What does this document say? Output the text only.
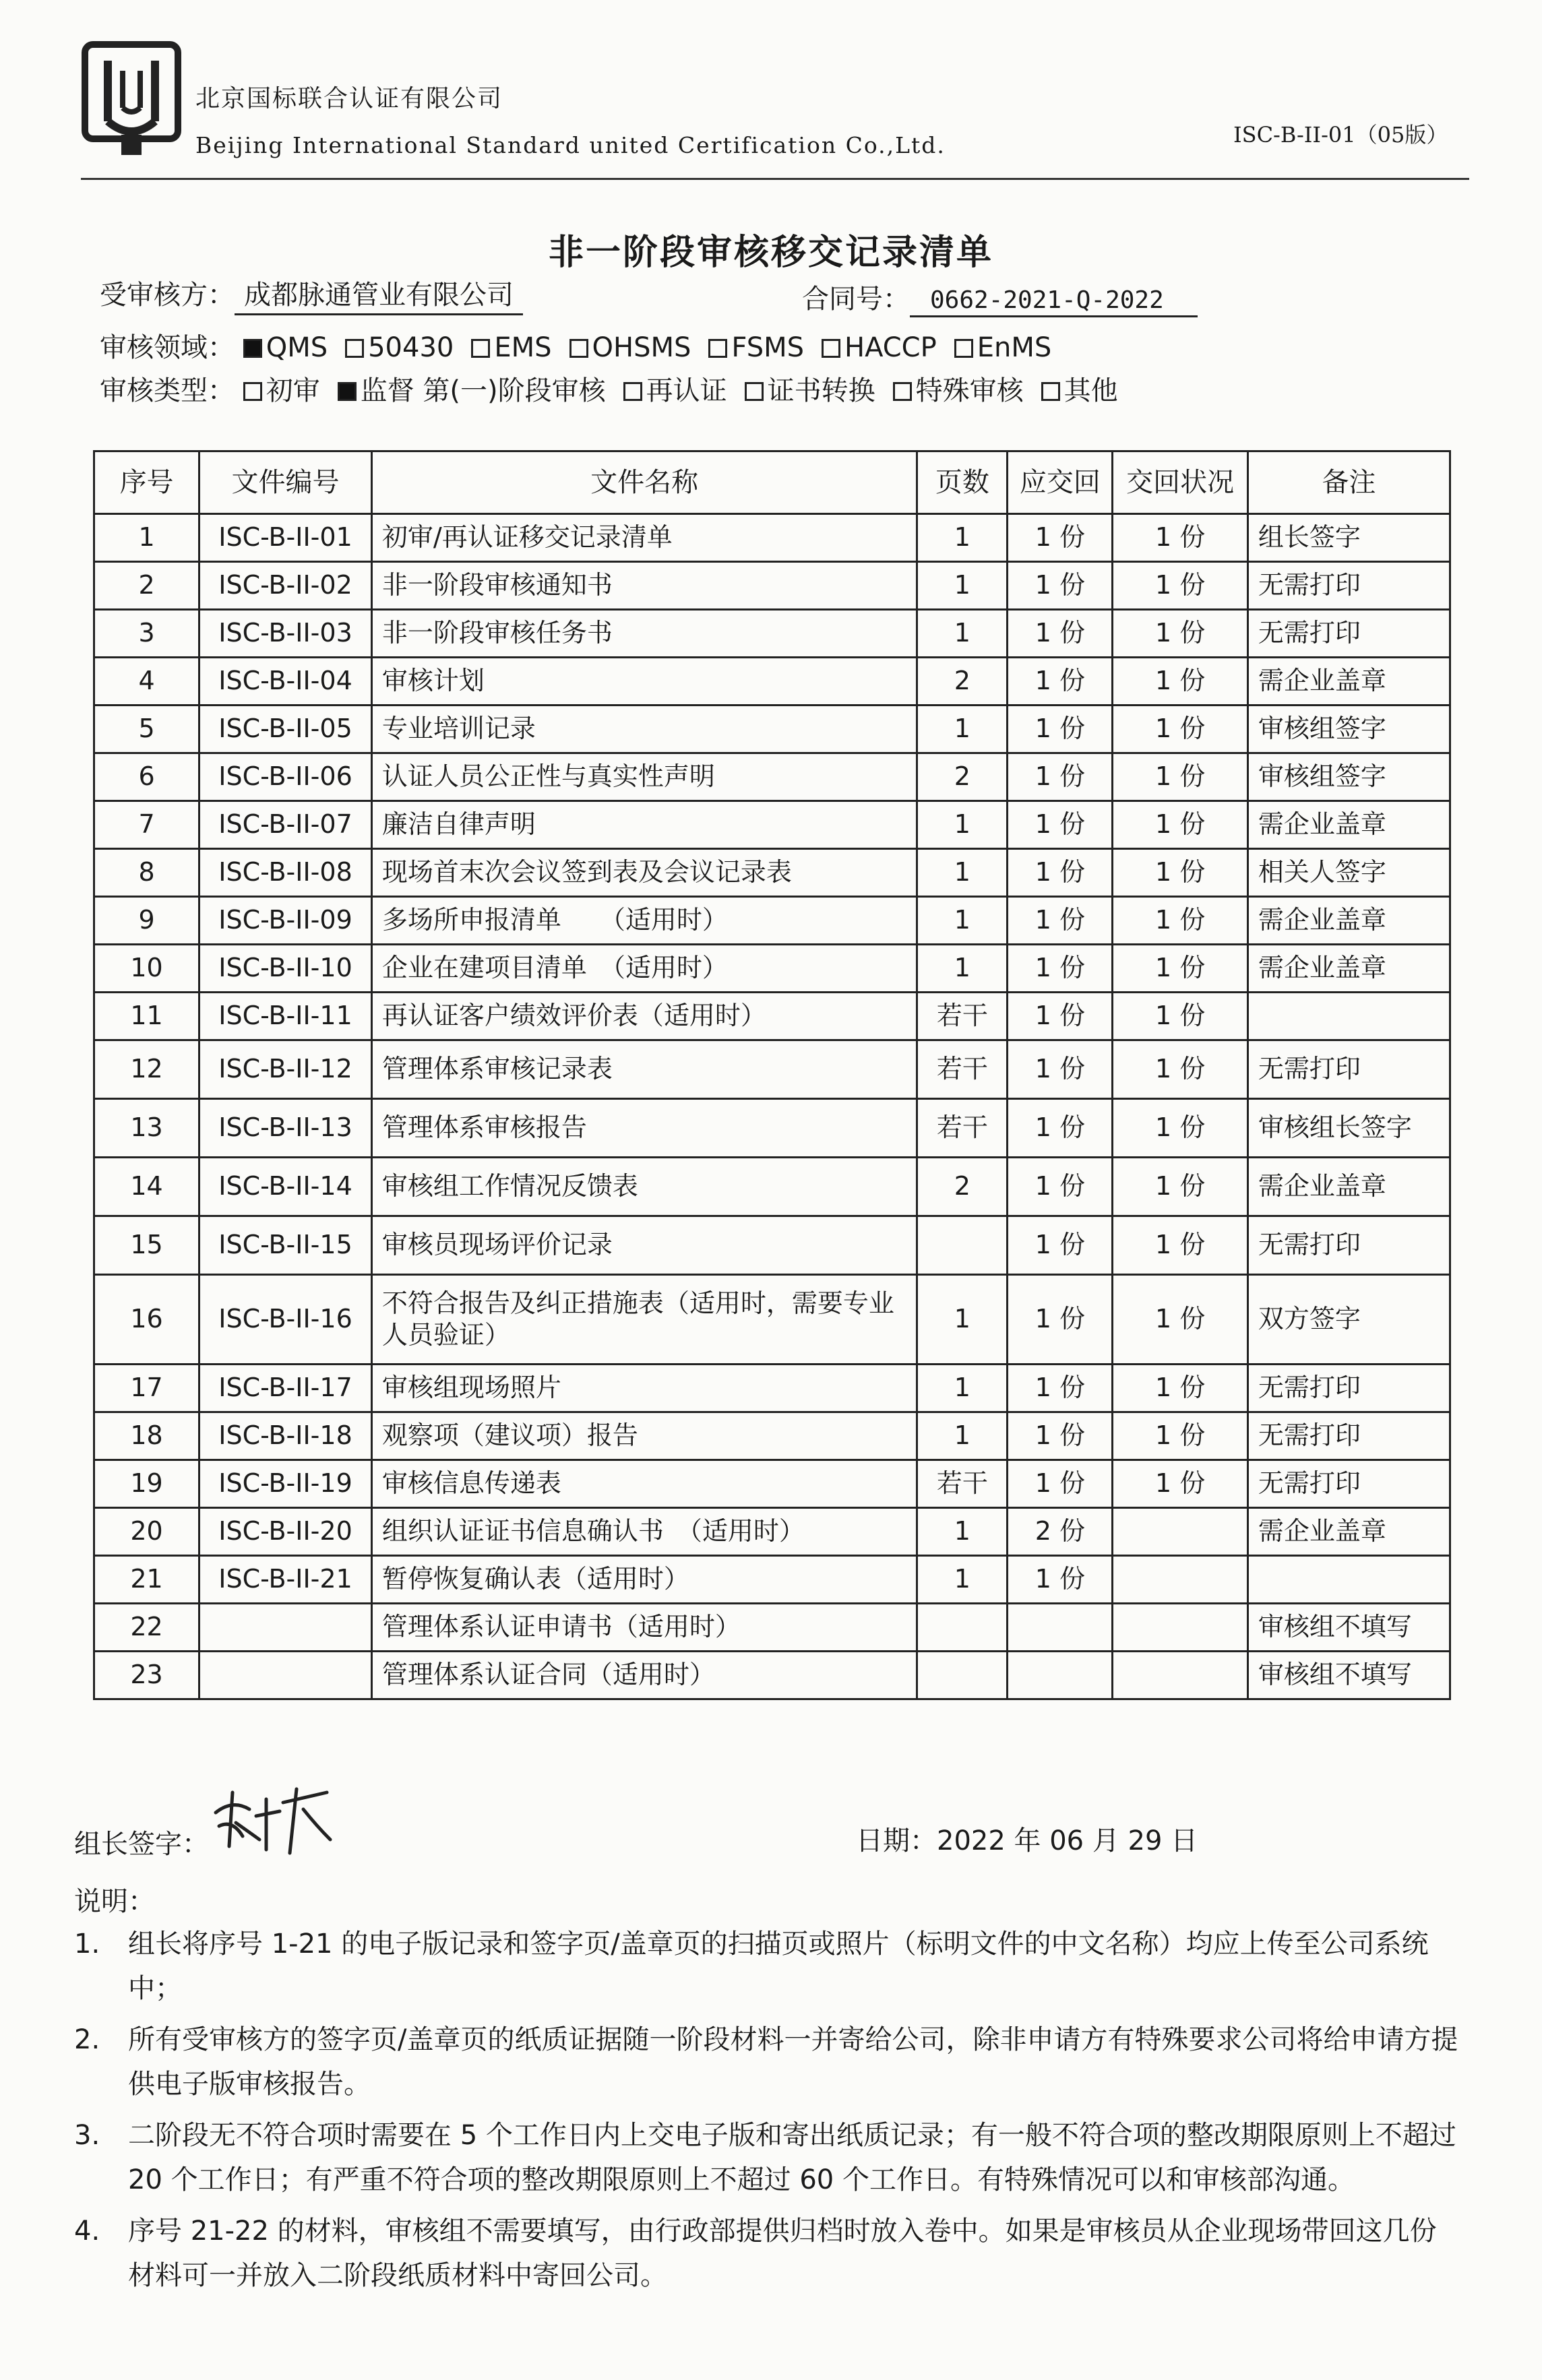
北京国标联合认证有限公司
Beijing International Standard united Certification Co.,Ltd.	ISC-B-II-01（05版）
非一阶段审核移交记录清单
受审核方： 成都脉通管业有限公司	合同号： 0662-2021-Q-2022
审核领域： QMS 50430 EMS OHSMS FSMS HACCP EnMS
审核类型： 初审 监督 第(一)阶段审核 再认证 证书转换 特殊审核 其他
序号	文件编号	文件名称	页数	应交回	交回状况	备注
1	ISC-B-II-01	初审/再认证移交记录清单	1	1 份	1 份	组长签字
2	ISC-B-II-02	非一阶段审核通知书	1	1 份	1 份	无需打印
3	ISC-B-II-03	非一阶段审核任务书	1	1 份	1 份	无需打印
4	ISC-B-II-04	审核计划	2	1 份	1 份	需企业盖章
5	ISC-B-II-05	专业培训记录	1	1 份	1 份	审核组签字
6	ISC-B-II-06	认证人员公正性与真实性声明	2	1 份	1 份	审核组签字
7	ISC-B-II-07	廉洁自律声明	1	1 份	1 份	需企业盖章
8	ISC-B-II-08	现场首末次会议签到表及会议记录表	1	1 份	1 份	相关人签字
9	ISC-B-II-09	多场所申报清单　　（适用时）	1	1 份	1 份	需企业盖章
10	ISC-B-II-10	企业在建项目清单　（适用时）	1	1 份	1 份	需企业盖章
11	ISC-B-II-11	再认证客户绩效评价表（适用时）	若干	1 份	1 份	
12	ISC-B-II-12	管理体系审核记录表	若干	1 份	1 份	无需打印
13	ISC-B-II-13	管理体系审核报告	若干	1 份	1 份	审核组长签字
14	ISC-B-II-14	审核组工作情况反馈表	2	1 份	1 份	需企业盖章
15	ISC-B-II-15	审核员现场评价记录		1 份	1 份	无需打印
16	ISC-B-II-16	不符合报告及纠正措施表（适用时，需要专业人员验证）	1	1 份	1 份	双方签字
17	ISC-B-II-17	审核组现场照片	1	1 份	1 份	无需打印
18	ISC-B-II-18	观察项（建议项）报告	1	1 份	1 份	无需打印
19	ISC-B-II-19	审核信息传递表	若干	1 份	1 份	无需打印
20	ISC-B-II-20	组织认证证书信息确认书　（适用时）	1	2 份		需企业盖章
21	ISC-B-II-21	暂停恢复确认表（适用时）	1	1 份		
22		管理体系认证申请书（适用时）				审核组不填写
23		管理体系认证合同（适用时）				审核组不填写
组长签字：	日期：2022 年 06 月 29 日
说明：
1.	组长将序号 1-21 的电子版记录和签字页/盖章页的扫描页或照片（标明文件的中文名称）均应上传至公司系统中；
2.	所有受审核方的签字页/盖章页的纸质证据随一阶段材料一并寄给公司，除非申请方有特殊要求公司将给申请方提供电子版审核报告。
3.	二阶段无不符合项时需要在 5 个工作日内上交电子版和寄出纸质记录；有一般不符合项的整改期限原则上不超过 20 个工作日；有严重不符合项的整改期限原则上不超过 60 个工作日。有特殊情况可以和审核部沟通。
4.	序号 21-22 的材料，审核组不需要填写，由行政部提供归档时放入卷中。如果是审核员从企业现场带回这几份材料可一并放入二阶段纸质材料中寄回公司。
